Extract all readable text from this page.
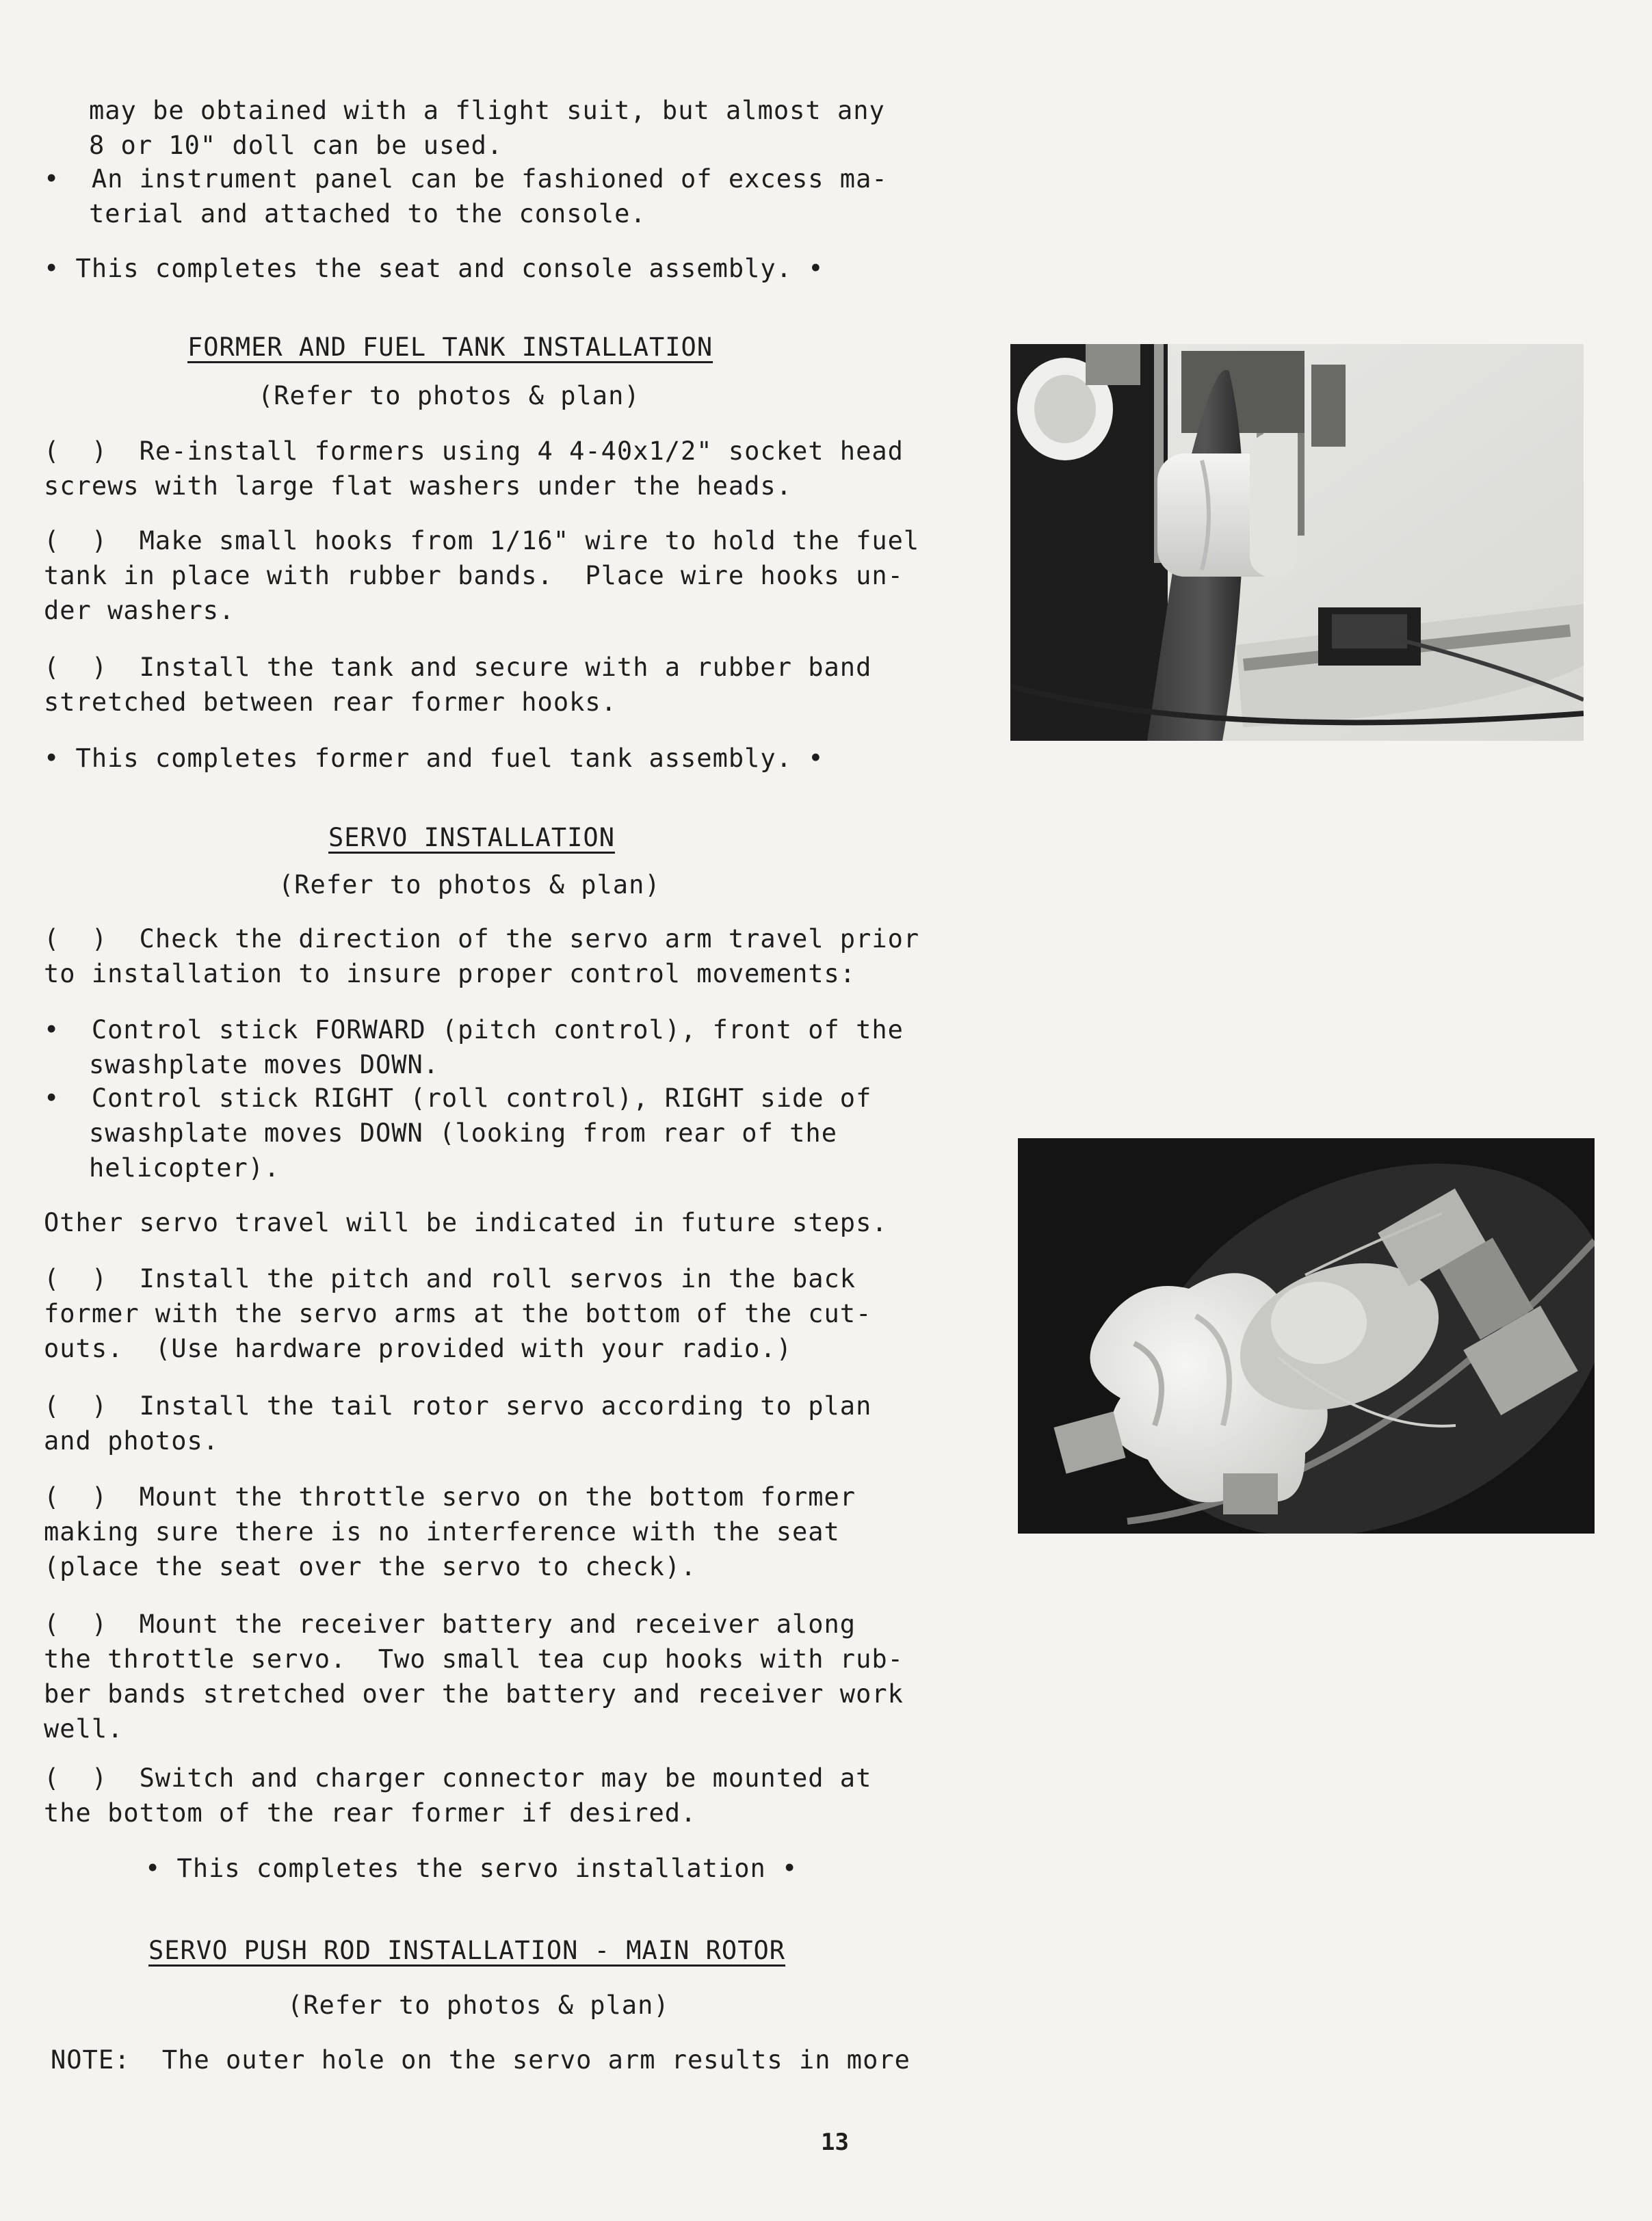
may be obtained with a flight suit, but almost any

8 or 10" doll can be used.

•  An instrument panel can be fashioned of excess ma-

terial and attached to the console.

• This completes the seat and console assembly. •

FORMER AND FUEL TANK INSTALLATION

(Refer to photos & plan)

(  )  Re-install formers using 4 4-40x1/2" socket head

screws with large flat washers under the heads.

(  )  Make small hooks from 1/16" wire to hold the fuel

tank in place with rubber bands.  Place wire hooks un-

der washers.

(  )  Install the tank and secure with a rubber band

stretched between rear former hooks.

• This completes former and fuel tank assembly. •

SERVO INSTALLATION

(Refer to photos & plan)

(  )  Check the direction of the servo arm travel prior

to installation to insure proper control movements:

•  Control stick FORWARD (pitch control), front of the

swashplate moves DOWN.

•  Control stick RIGHT (roll control), RIGHT side of

swashplate moves DOWN (looking from rear of the

helicopter).

Other servo travel will be indicated in future steps.

(  )  Install the pitch and roll servos in the back

former with the servo arms at the bottom of the cut-

outs.  (Use hardware provided with your radio.)

(  )  Install the tail rotor servo according to plan

and photos.

(  )  Mount the throttle servo on the bottom former

making sure there is no interference with the seat

(place the seat over the servo to check).

(  )  Mount the receiver battery and receiver along

the throttle servo.  Two small tea cup hooks with rub-

ber bands stretched over the battery and receiver work

well.

(  )  Switch and charger connector may be mounted at

the bottom of the rear former if desired.

• This completes the servo installation •

SERVO PUSH ROD INSTALLATION - MAIN ROTOR

(Refer to photos & plan)

NOTE:  The outer hole on the servo arm results in more

13
